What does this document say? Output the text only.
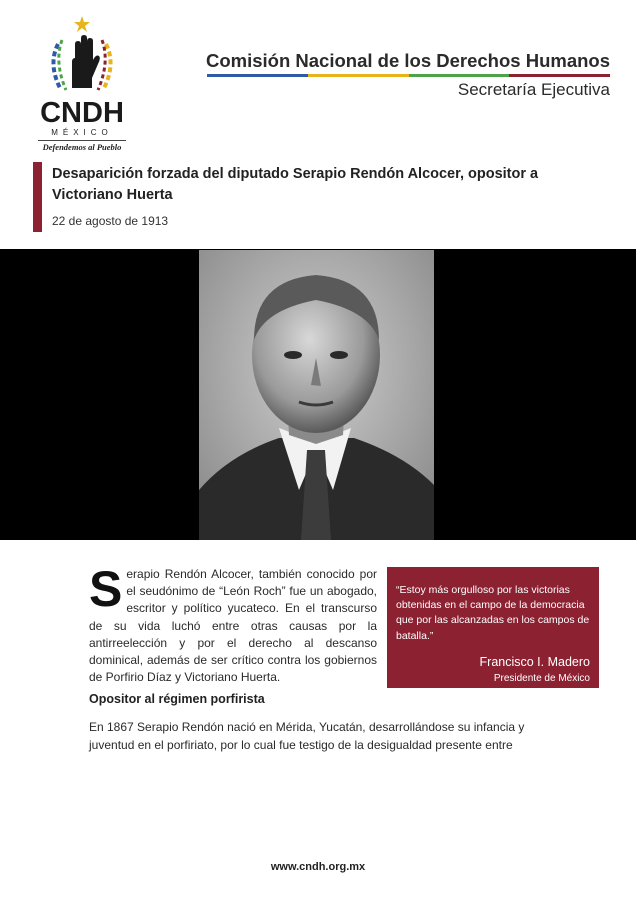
CNDH
MÉXICO
Defendemos al Pueblo
Comisión Nacional de los Derechos Humanos
Secretaría Ejecutiva
Desaparición forzada del diputado Serapio Rendón Alcocer, opositor a Victoriano Huerta
22 de agosto de 1913
S erapio Rendón Alcocer, también conocido por el seudónimo de “León Roch” fue un abogado, escritor y político yucateco. En el transcurso de su vida luchó entre otras causas por la antirreelección y por el derecho al descanso dominical, además de ser crítico contra los gobiernos de Porfirio Díaz y Victoriano Huerta.
“Estoy más orgulloso por las victorias obtenidas en el campo de la democracia que por las alcanzadas en los campos de batalla.”
Francisco I. Madero
Presidente de México
Opositor al régimen porfirista
En 1867 Serapio Rendón nació en Mérida, Yucatán, desarrollándose su infancia y juventud en el porfiriato, por lo cual fue testigo de la desigualdad presente entre
www.cndh.org.mx
